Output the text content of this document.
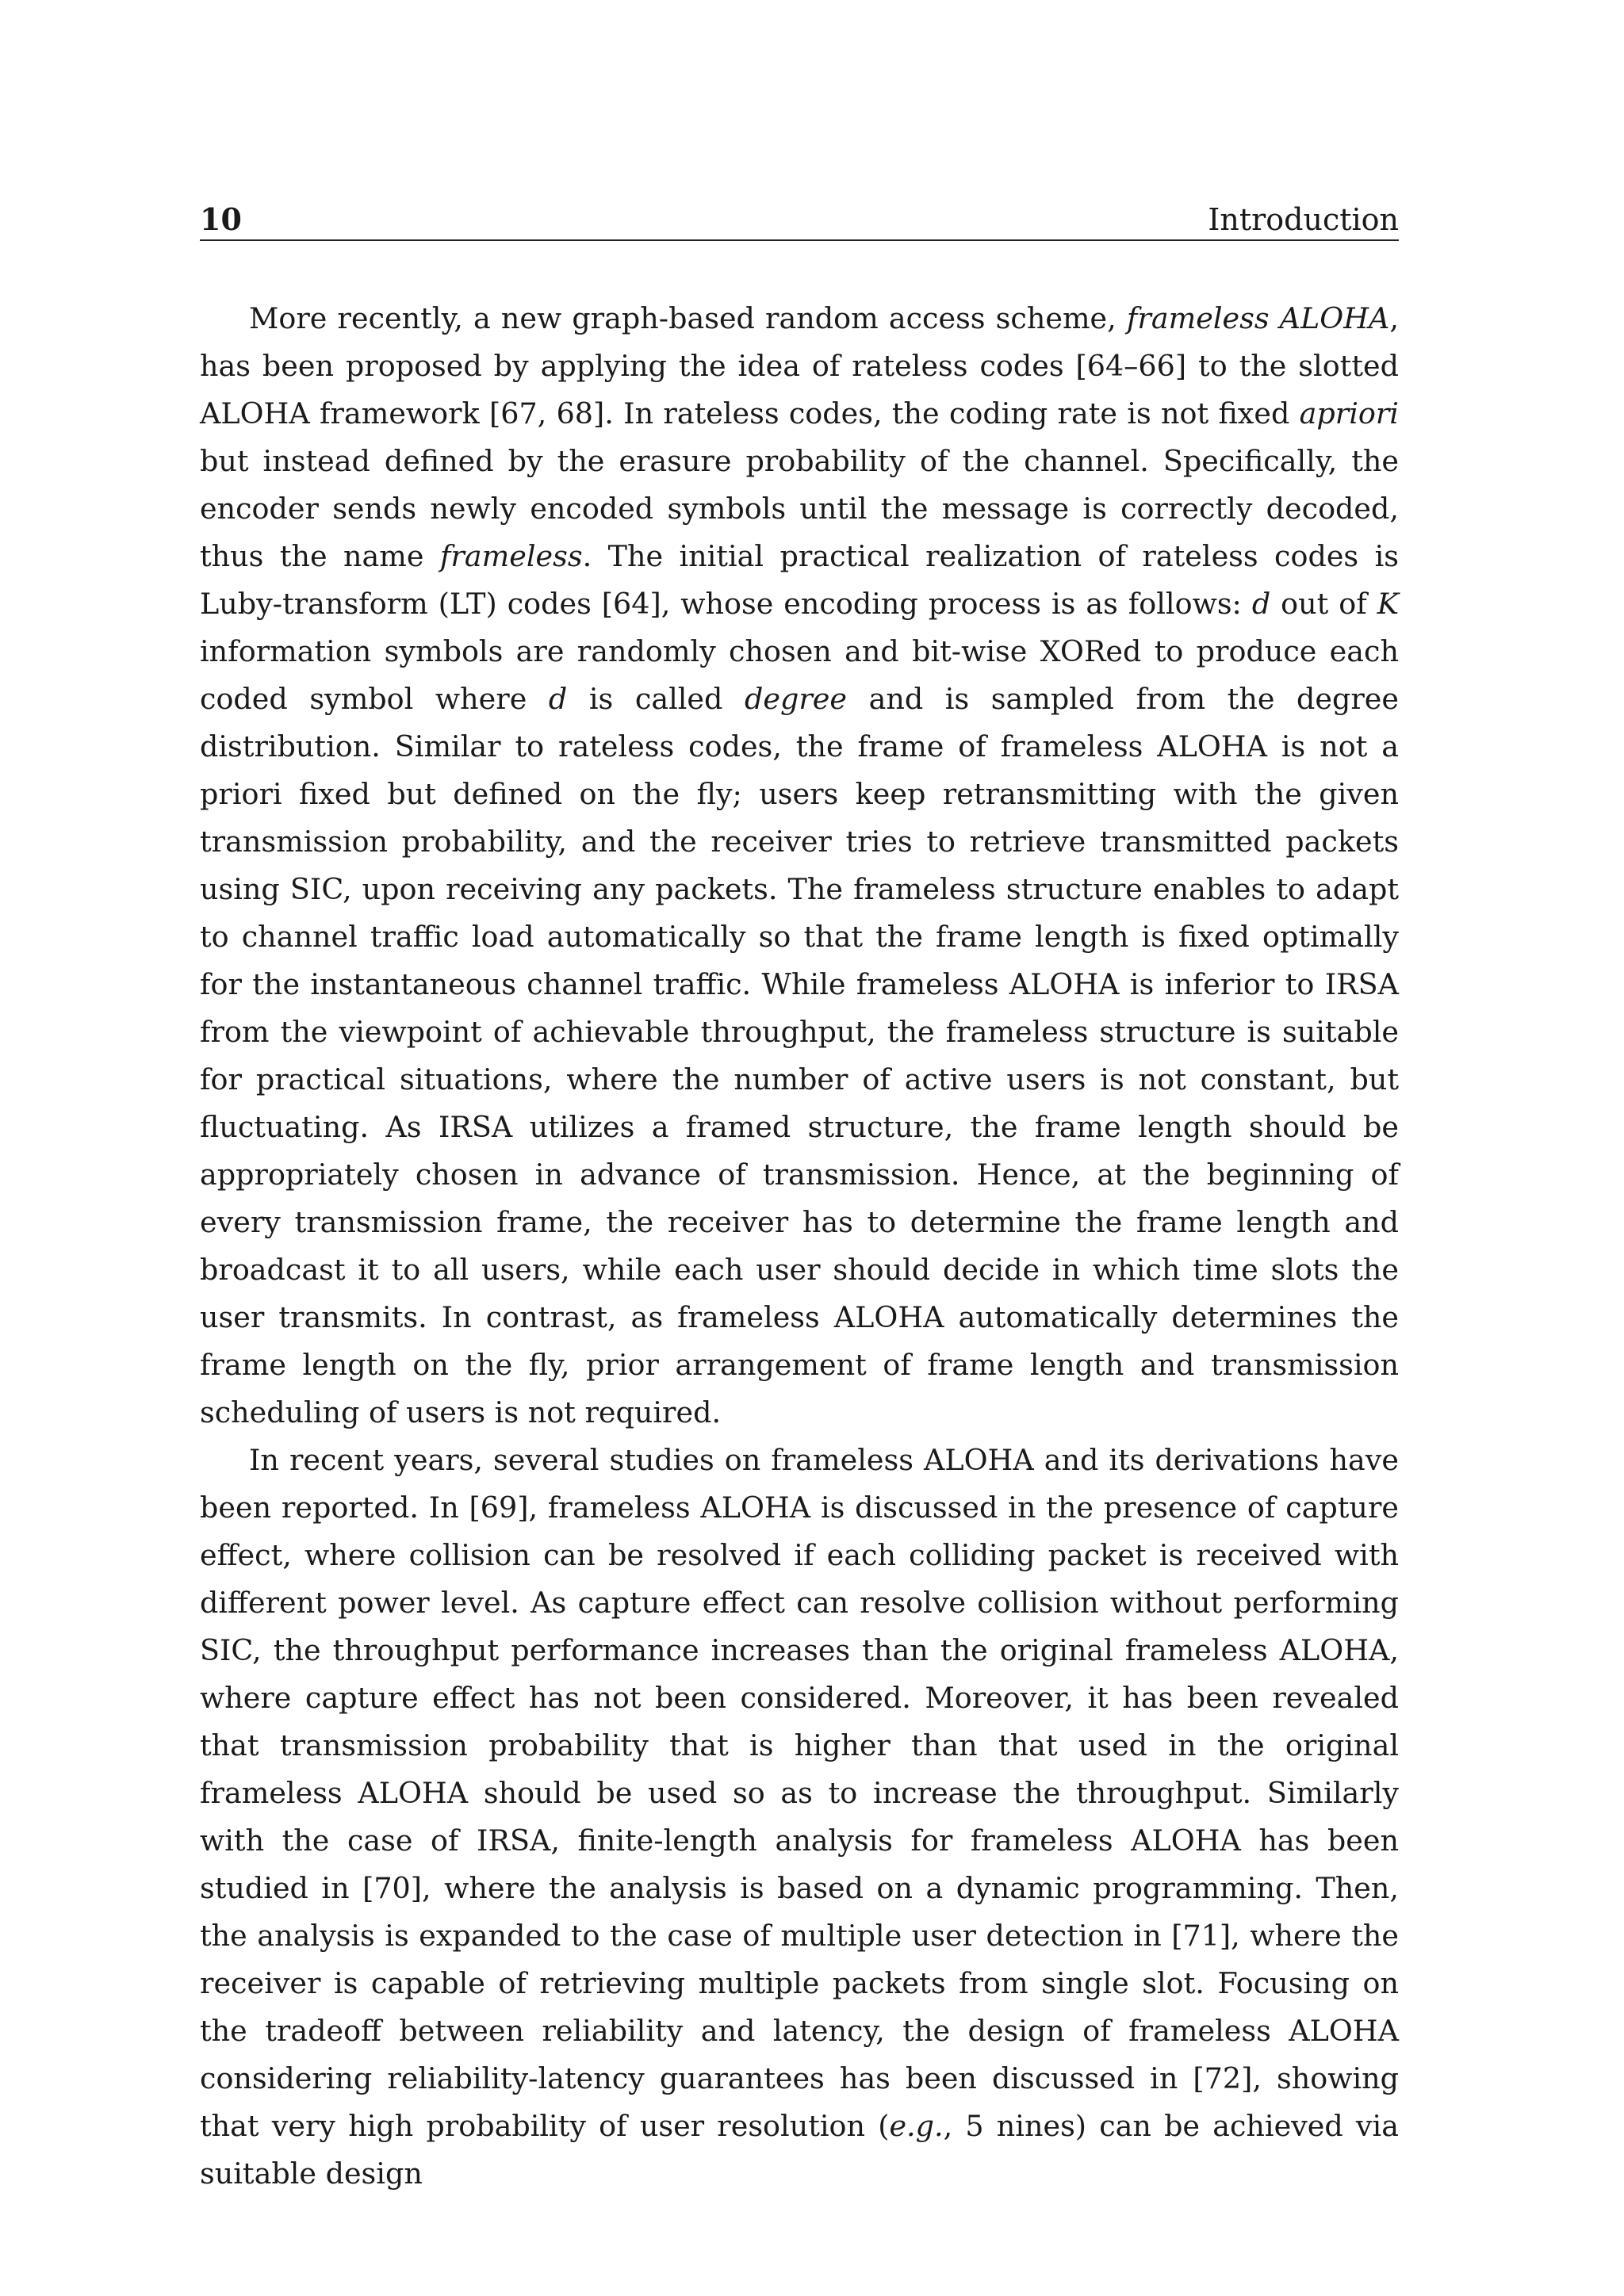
10	Introduction

More recently, a new graph-based random access scheme, frameless ALOHA, has been proposed by applying the idea of rateless codes [64–66] to the slotted ALOHA framework [67, 68]. In rateless codes, the coding rate is not fixed apriori but instead defined by the erasure probability of the channel. Specifically, the encoder sends newly encoded symbols until the message is correctly decoded, thus the name frameless. The initial practical realization of rateless codes is Luby-transform (LT) codes [64], whose encoding process is as follows: d out of K information symbols are randomly chosen and bit-wise XORed to produce each coded symbol where d is called degree and is sampled from the degree distribution. Similar to rateless codes, the frame of frameless ALOHA is not a priori fixed but defined on the fly; users keep retransmitting with the given transmission probability, and the receiver tries to retrieve transmitted packets using SIC, upon receiving any packets. The frameless structure enables to adapt to channel traffic load automatically so that the frame length is fixed optimally for the instantaneous channel traffic. While frameless ALOHA is inferior to IRSA from the viewpoint of achievable throughput, the frameless structure is suitable for practical situations, where the number of active users is not constant, but fluctuating. As IRSA utilizes a framed structure, the frame length should be appropriately chosen in advance of transmission. Hence, at the beginning of every transmission frame, the receiver has to determine the frame length and broadcast it to all users, while each user should decide in which time slots the user transmits. In contrast, as frameless ALOHA automatically determines the frame length on the fly, prior arrangement of frame length and transmission scheduling of users is not required.

In recent years, several studies on frameless ALOHA and its derivations have been reported. In [69], frameless ALOHA is discussed in the presence of capture effect, where collision can be resolved if each colliding packet is received with different power level. As capture effect can resolve collision without performing SIC, the throughput performance increases than the original frameless ALOHA, where capture effect has not been considered. Moreover, it has been revealed that transmission probability that is higher than that used in the original frameless ALOHA should be used so as to increase the throughput. Similarly with the case of IRSA, finite-length analysis for frameless ALOHA has been studied in [70], where the analysis is based on a dynamic programming. Then, the analysis is expanded to the case of multiple user detection in [71], where the receiver is capable of retrieving multiple packets from single slot. Focusing on the tradeoff between reliability and latency, the design of frameless ALOHA considering reliability-latency guarantees has been discussed in [72], showing that very high probability of user resolution (e.g., 5 nines) can be achieved via suitable design
